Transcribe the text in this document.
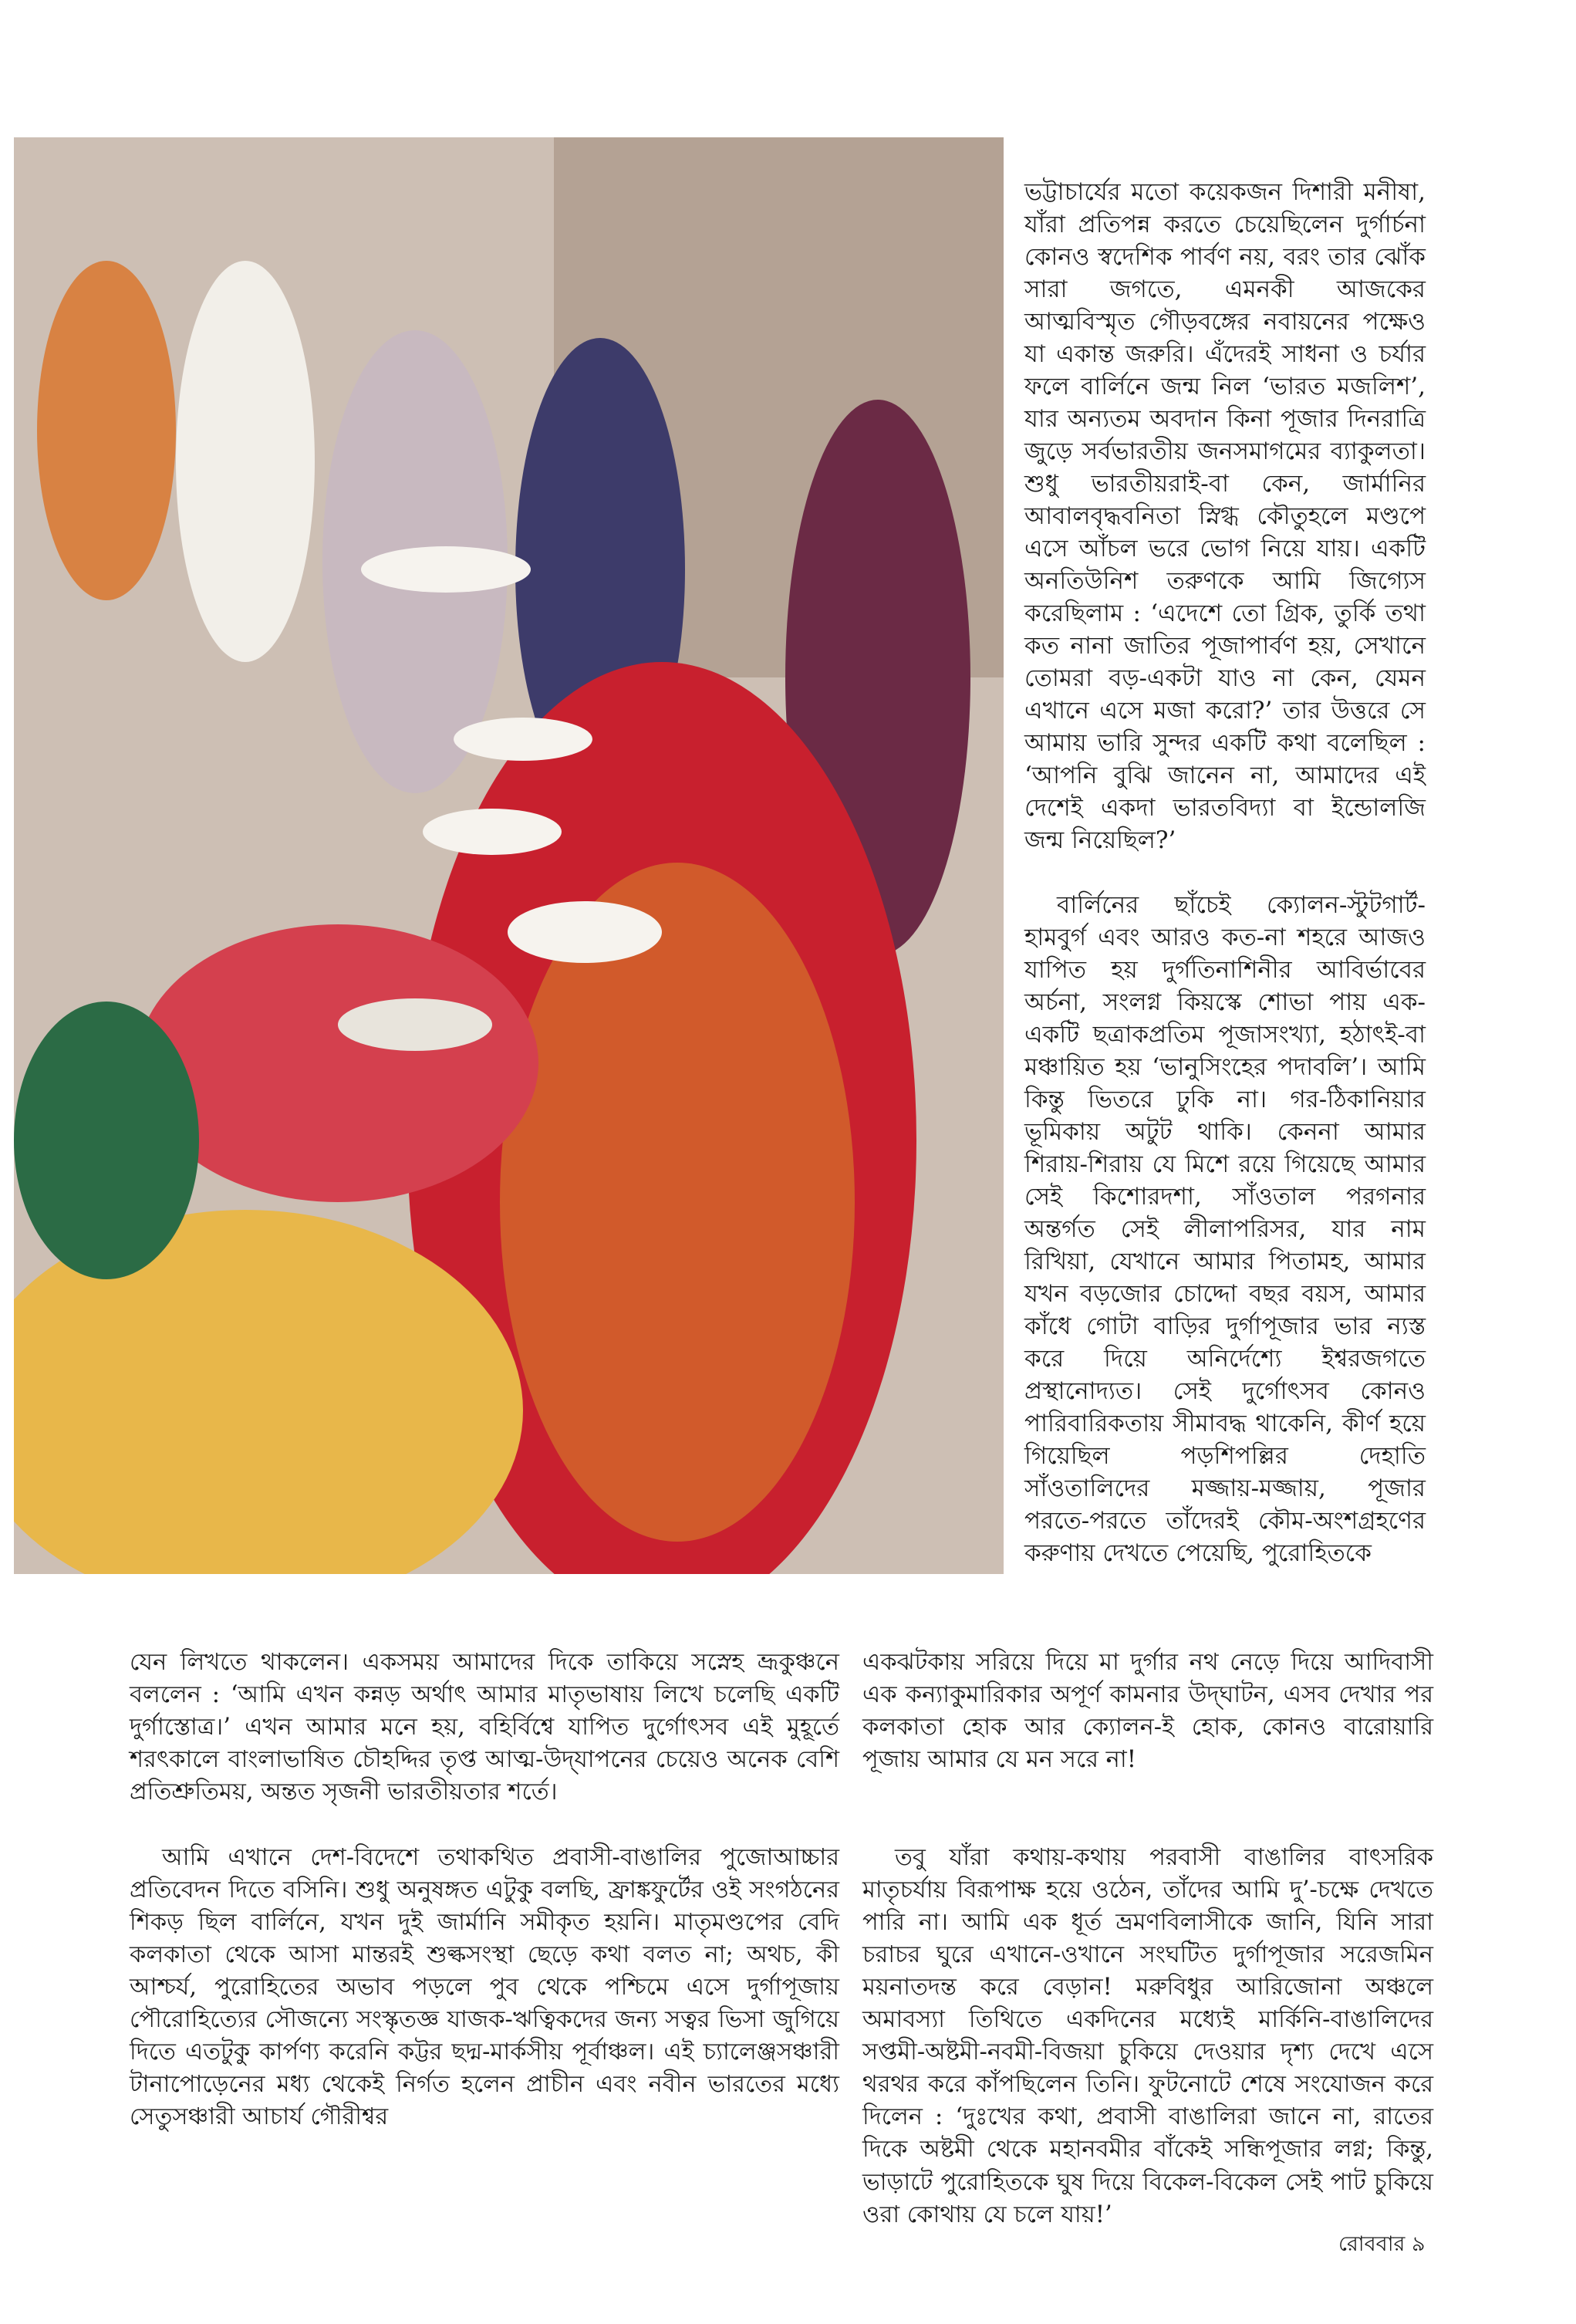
ভট্টাচার্যের মতো কয়েকজন দিশারী মনীষা, যাঁরা প্রতিপন্ন করতে চেয়েছিলেন দুর্গার্চনা কোনও স্বদেশিক পার্বণ নয়, বরং তার ঝোঁক সারা জগতে, এমনকী আজকের আত্মবিস্মৃত গৌড়বঙ্গের নবায়নের পক্ষেও যা একান্ত জরুরি। এঁদেরই সাধনা ও চর্যার ফলে বার্লিনে জন্ম নিল ‘ভারত মজলিশ’, যার অন্যতম অবদান কিনা পূজার দিনরাত্রি জুড়ে সর্বভারতীয় জনসমাগমের ব্যাকুলতা। শুধু ভারতীয়রাই-বা কেন, জার্মানির আবালবৃদ্ধবনিতা স্নিগ্ধ কৌতুহলে মণ্ডপে এসে আঁচল ভরে ভোগ নিয়ে যায়। একটি অনতিউনিশ তরুণকে আমি জিগ্যেস করেছিলাম : ‘এদেশে তো গ্রিক, তুর্কি তথা কত নানা জাতির পূজাপার্বণ হয়, সেখানে তোমরা বড়-একটা যাও না কেন, যেমন এখানে এসে মজা করো?’ তার উত্তরে সে আমায় ভারি সুন্দর একটি কথা বলেছিল : ‘আপনি বুঝি জানেন না, আমাদের এই দেশেই একদা ভারতবিদ্যা বা ইন্ডোলজি জন্ম নিয়েছিল?’

বার্লিনের ছাঁচেই ক্যোলন-স্টুটগার্ট-হামবুর্গ এবং আরও কত-না শহরে আজও যাপিত হয় দুর্গতিনাশিনীর আবির্ভাবের অর্চনা, সংলগ্ন কিয়স্কে শোভা পায় এক-একটি ছত্রাকপ্রতিম পূজাসংখ্যা, হঠাৎই-বা মঞ্চায়িত হয় ‘ভানুসিংহের পদাবলি’। আমি কিন্তু ভিতরে ঢুকি না। গর-ঠিকানিয়ার ভূমিকায় অটুট থাকি। কেননা আমার শিরায়-শিরায় যে মিশে রয়ে গিয়েছে আমার সেই কিশোরদশা, সাঁওতাল পরগনার অন্তর্গত সেই লীলাপরিসর, যার নাম রিখিয়া, যেখানে আমার পিতামহ, আমার যখন বড়জোর চোদ্দো বছর বয়স, আমার কাঁধে গোটা বাড়ির দুর্গাপূজার ভার ন্যস্ত করে দিয়ে অনির্দেশ্যে ইশ্বরজগতে প্রস্থানোদ্যত। সেই দুর্গোৎসব কোনও পারিবারিকতায় সীমাবদ্ধ থাকেনি, কীর্ণ হয়ে গিয়েছিল পড়শিপল্লির দেহাতি সাঁওতালিদের মজ্জায়-মজ্জায়, পূজার পরতে-পরতে তাঁদেরই কৌম-অংশগ্রহণের করুণায় দেখতে পেয়েছি, পুরোহিতকে

যেন লিখতে থাকলেন। একসময় আমাদের দিকে তাকিয়ে সস্নেহ ভ্রূকুঞ্চনে বললেন : ‘আমি এখন কন্নড় অর্থাৎ আমার মাতৃভাষায় লিখে চলেছি একটি দুর্গাস্তোত্র।’ এখন আমার মনে হয়, বহির্বিশ্বে যাপিত দুর্গোৎসব এই মুহূর্তে শরৎকালে বাংলাভাষিত চৌহদ্দির তৃপ্ত আত্ম-উদ্‌যাপনের চেয়েও অনেক বেশি প্রতিশ্রুতিময়, অন্তত সৃজনী ভারতীয়তার শর্তে।

আমি এখানে দেশ-বিদেশে তথাকথিত প্রবাসী-বাঙালির পুজোআচ্চার প্রতিবেদন দিতে বসিনি। শুধু অনুষঙ্গত এটুকু বলছি, ফ্রাঙ্কফুর্টের ওই সংগঠনের শিকড় ছিল বার্লিনে, যখন দুই জার্মানি সমীকৃত হয়নি। মাতৃমণ্ডপের বেদি কলকাতা থেকে আসা মান্তরই শুল্কসংস্থা ছেড়ে কথা বলত না; অথচ, কী আশ্চর্য, পুরোহিতের অভাব পড়লে পুব থেকে পশ্চিমে এসে দুর্গাপূজায় পৌরোহিত্যের সৌজন্যে সংস্কৃতজ্ঞ যাজক-ঋত্বিকদের জন্য সত্বর ভিসা জুগিয়ে দিতে এতটুকু কার্পণ্য করেনি কট্টর ছদ্ম-মার্কসীয় পূর্বাঞ্চল। এই চ্যালেঞ্জসঞ্চারী টানাপোড়েনের মধ্য থেকেই নির্গত হলেন প্রাচীন এবং নবীন ভারতের মধ্যে সেতুসঞ্চারী আচার্য গৌরীশ্বর

একঝটকায় সরিয়ে দিয়ে মা দুর্গার নথ নেড়ে দিয়ে আদিবাসী এক কন্যাকুমারিকার অপূর্ণ কামনার উদ্‌ঘাটন, এসব দেখার পর কলকাতা হোক আর ক্যোলন-ই হোক, কোনও বারোয়ারি পূজায় আমার যে মন সরে না!

তবু যাঁরা কথায়-কথায় পরবাসী বাঙালির বাৎসরিক মাতৃচর্যায় বিরূপাক্ষ হয়ে ওঠেন, তাঁদের আমি দু’-চক্ষে দেখতে পারি না। আমি এক ধূর্ত ভ্রমণবিলাসীকে জানি, যিনি সারা চরাচর ঘুরে এখানে-ওখানে সংঘটিত দুর্গাপূজার সরেজমিন ময়নাতদন্ত করে বেড়ান! মরুবিধুর আরিজোনা অঞ্চলে অমাবস্যা তিথিতে একদিনের মধ্যেই মার্কিনি-বাঙালিদের সপ্তমী-অষ্টমী-নবমী-বিজয়া চুকিয়ে দেওয়ার দৃশ্য দেখে এসে থরথর করে কাঁপছিলেন তিনি। ফুটনোটে শেষে সংযোজন করে দিলেন : ‘দুঃখের কথা, প্রবাসী বাঙালিরা জানে না, রাতের দিকে অষ্টমী থেকে মহানবমীর বাঁকেই সন্ধিপূজার লগ্ন; কিন্তু, ভাড়াটে পুরোহিতকে ঘুষ দিয়ে বিকেল-বিকেল সেই পাট চুকিয়ে ওরা কোথায় যে চলে যায়!’

রোববার ৯
